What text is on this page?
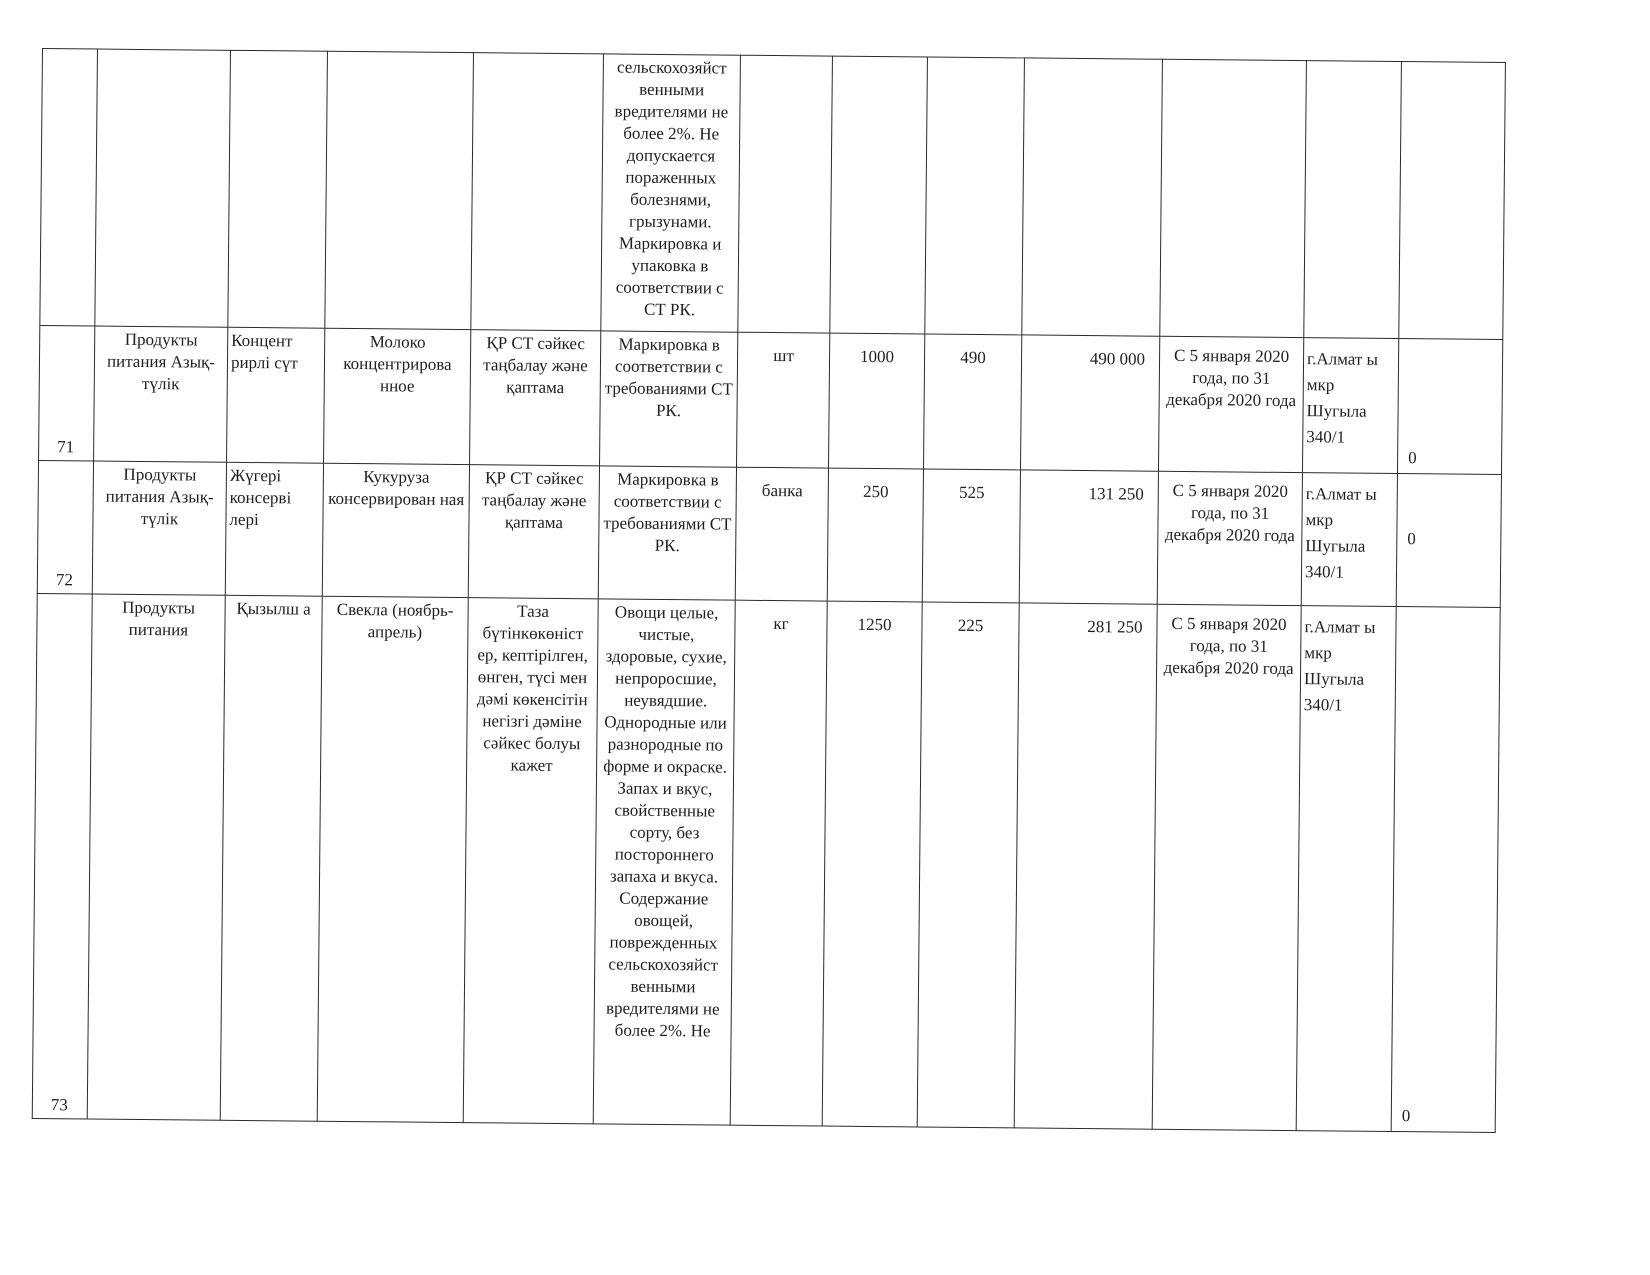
					сельскохозяйст венными вредителями не более 2%. Не допускается пораженных болезнями, грызунами. Маркировка и упаковка в соответствии с СТ РК.							
71	Продукты питания Азық-түлік	Концент рирлі сүт	Молоко концентрирова нное	ҚР СТ сәйкес таңбалау және қаптама	Маркировка в соответствии с требованиями СТ РК.	шт	1000	490	490 000	С 5 января 2020 года, по 31 декабря 2020 года	г.Алмат ы мкр Шугыла 340/1	0
72	Продукты питания Азық-түлік	Жүгері консерві лері	Кукуруза консервирован ная	ҚР СТ сәйкес таңбалау және қаптама	Маркировка в соответствии с требованиями СТ РК.	банка	250	525	131 250	С 5 января 2020 года, по 31 декабря 2020 года	г.Алмат ы мкр Шугыла 340/1	0
73	Продукты питания	Қызылш а	Свекла (ноябрь-апрель)	Таза бүтінкөкөніст ер, кептірілген, өнген, түсі мен дәмі көкенсітін негізгі дәміне сәйкес болуы кажет	Овощи целые, чистые, здоровые, сухие, непроросшие, неувядшие. Однородные или разнородные по форме и окраске. Запах и вкус, свойственные сорту, без постороннего запаха и вкуса. Содержание овощей, поврежденных сельскохозяйст венными вредителями не более 2%. Не	кг	1250	225	281 250	С 5 января 2020 года, по 31 декабря 2020 года	г.Алмат ы мкр Шугыла 340/1	0
